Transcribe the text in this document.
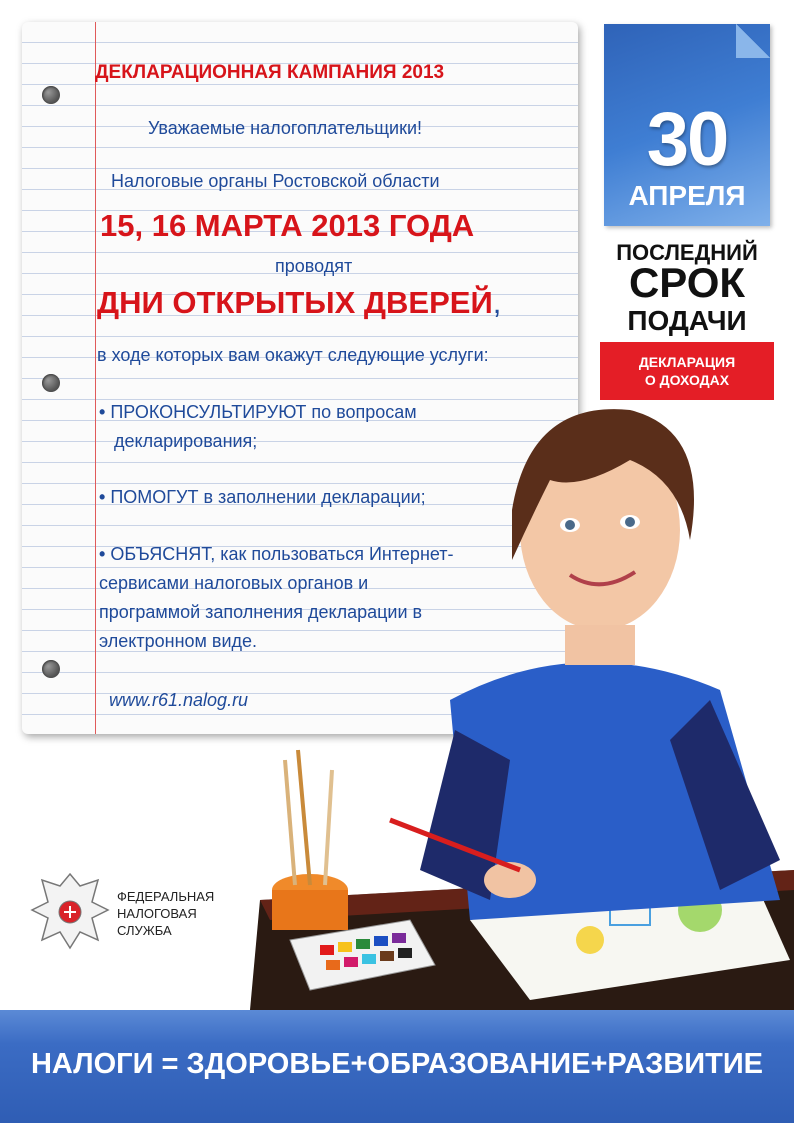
ДЕКЛАРАЦИОННАЯ КАМПАНИЯ 2013
Уважаемые налогоплательщики!
Налоговые органы Ростовской области
15, 16 МАРТА 2013 ГОДА
проводят
ДНИ ОТКРЫТЫХ ДВЕРЕЙ,
в ходе которых вам окажут следующие услуги:
• ПРОКОНСУЛЬТИРУЮТ по вопросам
декларирования;
• ПОМОГУТ в заполнении декларации;
• ОБЪЯСНЯТ, как пользоваться Интернет-
сервисами налоговых органов и
программой заполнения декларации в
электронном виде.
www.r61.nalog.ru
30
АПРЕЛЯ
ПОСЛЕДНИЙ
СРОК
ПОДАЧИ
ДЕКЛАРАЦИЯ
О ДОХОДАХ
ФЕДЕРАЛЬНАЯ
НАЛОГОВАЯ
СЛУЖБА
НАЛОГИ = ЗДОРОВЬЕ+ОБРАЗОВАНИЕ+РАЗВИТИЕ
